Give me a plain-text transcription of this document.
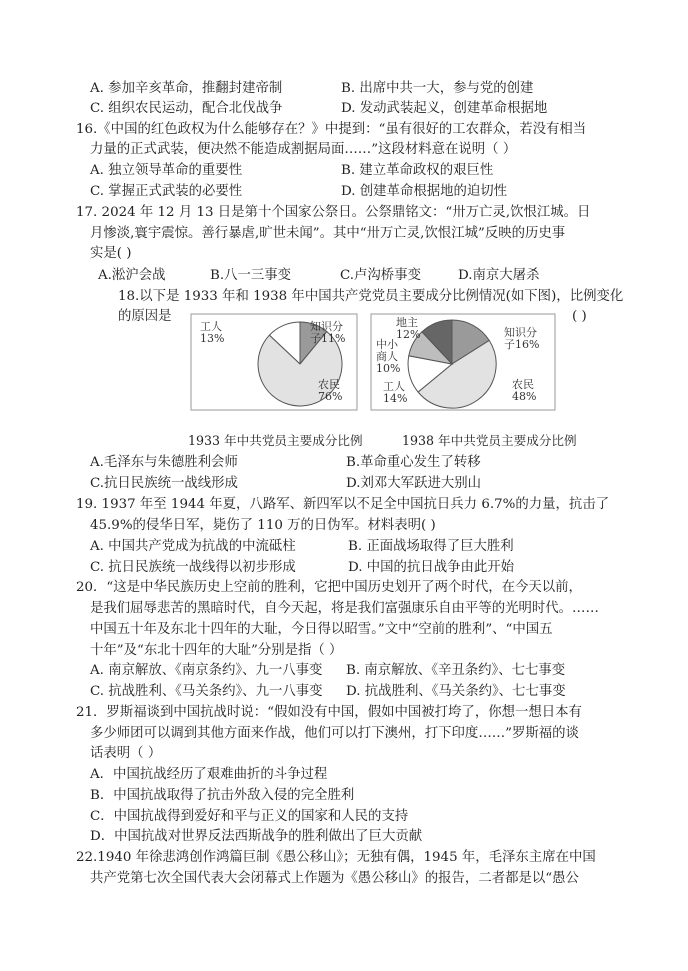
A. 参加辛亥革命，推翻封建帝制	B. 出席中共一大，参与党的创建
C. 组织农民运动，配合北伐战争	D. 发动武装起义，创建革命根据地
16.《中国的红色政权为什么能够存在？》中提到：“虽有很好的工农群众，若没有相当
力量的正式武装，便决然不能造成割据局面……”这段材料意在说明（ ）
A. 独立领导革命的重要性	B. 建立革命政权的艰巨性
C. 掌握正式武装的必要性	D. 创建革命根据地的迫切性
17. 2024 年 12 月 13 日是第十个国家公祭日。公祭鼎铭文：“卅万亡灵,饮恨江城。日
月惨淡,寰宇震惊。善行暴虐,旷世未闻”。其中“卅万亡灵,饮恨江城”反映的历史事
实是( )
A.淞沪会战	B.八一三事变	C.卢沟桥事变	D.南京大屠杀
18.以下是 1933 年和 1938 年中国共产党党员主要成分比例情况(如下图)，比例变化
的原因是	( )
工人 13%
知识分子11%
农民 76%
地主 12%	知识分子16%
农民 48%
工人 14%
中小商人 10%
1933 年中共党员主要成分比例	1938 年中共党员主要成分比例
A.毛泽东与朱德胜利会师	B.革命重心发生了转移
C.抗日民族统一战线形成	D.刘邓大军跃进大别山
19. 1937 年至 1944 年夏，八路军、新四军以不足全中国抗日兵力 6.7%的力量，抗击了
45.9%的侵华日军，毙伤了 110 万的日伪军。材料表明( )
A. 中国共产党成为抗战的中流砥柱	B. 正面战场取得了巨大胜利
C. 抗日民族统一战线得以初步形成	D. 中国的抗日战争由此开始
20．“这是中华民族历史上空前的胜利，它把中国历史划开了两个时代，在今天以前，
是我们屈辱悲苦的黑暗时代，自今天起，将是我们富强康乐自由平等的光明时代。……
中国五十年及东北十四年的大耻，今日得以昭雪。”文中“空前的胜利”、“中国五
十年”及“东北十四年的大耻”分别是指（ ）
A. 南京解放、《南京条约》、九一八事变 B. 南京解放、《辛丑条约》、七七事变
C. 抗战胜利、《马关条约》、九一八事变 D. 抗战胜利、《马关条约》、七七事变
21．罗斯福谈到中国抗战时说：“假如没有中国，假如中国被打垮了，你想一想日本有
多少师团可以调到其他方面来作战，他们可以打下澳州，打下印度……”罗斯福的谈
话表明（ ）
A．中国抗战经历了艰难曲折的斗争过程
B．中国抗战取得了抗击外敌入侵的完全胜利
C．中国抗战得到爱好和平与正义的国家和人民的支持
D．中国抗战对世界反法西斯战争的胜利做出了巨大贡献
22.1940 年徐悲鸿创作鸿篇巨制《愚公移山》；无独有偶，1945 年，毛泽东主席在中国
共产党第七次全国代表大会闭幕式上作题为《愚公移山》的报告，二者都是以“愚公
